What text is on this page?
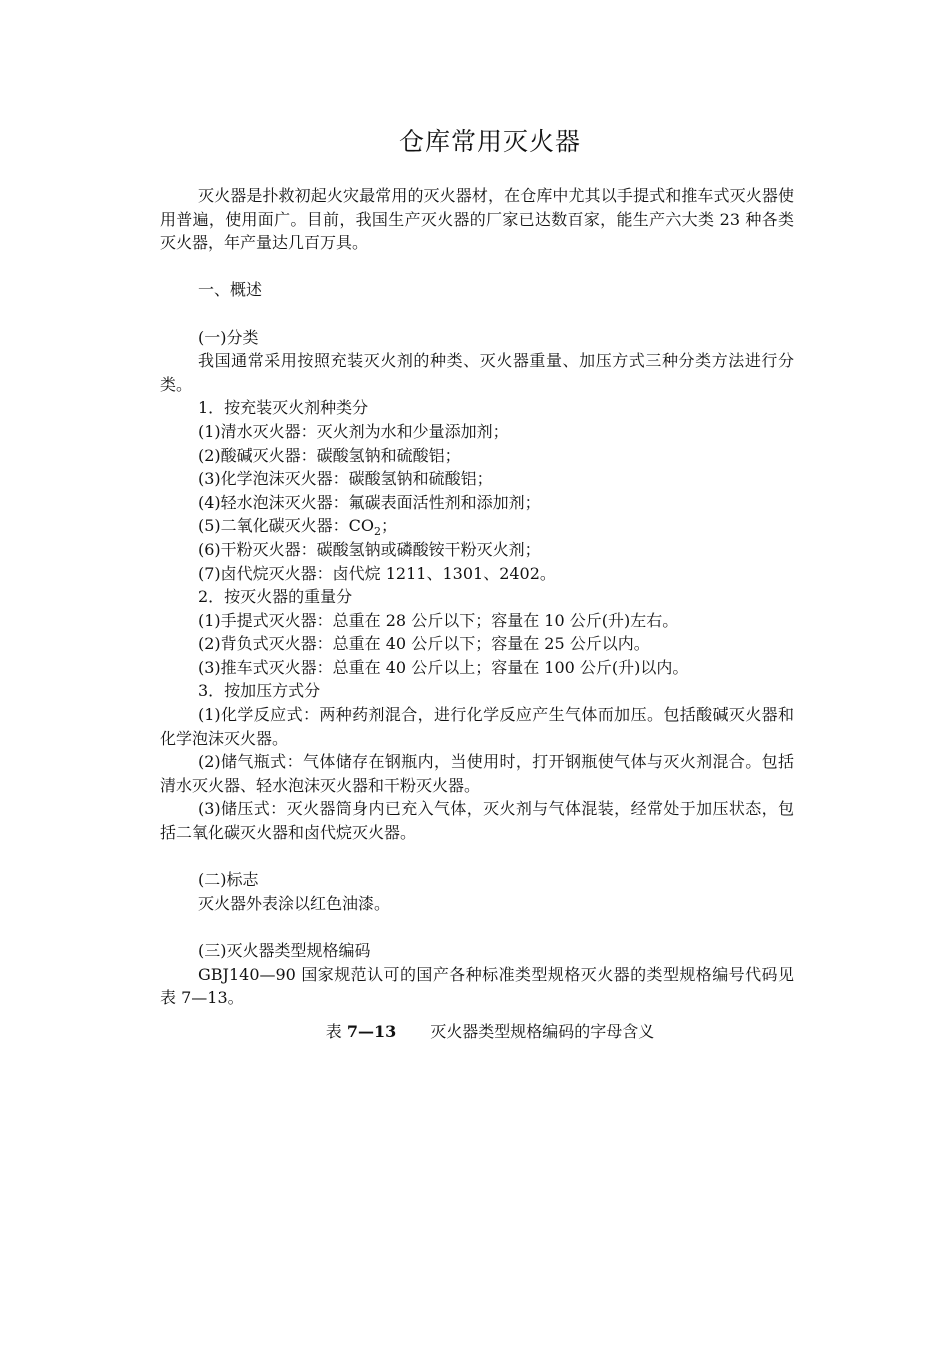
仓库常用灭火器

灭火器是扑救初起火灾最常用的灭火器材，在仓库中尤其以手提式和推车式灭火器使用普遍，使用面广。目前，我国生产灭火器的厂家已达数百家，能生产六大类 23 种各类灭火器，年产量达几百万具。

一、概述

(一)分类

我国通常采用按照充装灭火剂的种类、灭火器重量、加压方式三种分类方法进行分类。

1．按充装灭火剂种类分

(1)清水灭火器：灭火剂为水和少量添加剂；

(2)酸碱灭火器：碳酸氢钠和硫酸铝；

(3)化学泡沫灭火器：碳酸氢钠和硫酸铝；

(4)轻水泡沫灭火器：氟碳表面活性剂和添加剂；

(5)二氧化碳灭火器：$CO_2$；

(6)干粉灭火器：碳酸氢钠或磷酸铵干粉灭火剂；

(7)卤代烷灭火器：卤代烷 1211、1301、2402。

2．按灭火器的重量分

(1)手提式灭火器：总重在 28 公斤以下；容量在 10 公斤(升)左右。

(2)背负式灭火器：总重在 40 公斤以下；容量在 25 公斤以内。

(3)推车式灭火器：总重在 40 公斤以上；容量在 100 公斤(升)以内。

3．按加压方式分

(1)化学反应式：两种药剂混合，进行化学反应产生气体而加压。包括酸碱灭火器和化学泡沫灭火器。

(2)储气瓶式：气体储存在钢瓶内，当使用时，打开钢瓶使气体与灭火剂混合。包括清水灭火器、轻水泡沫灭火器和干粉灭火器。

(3)储压式：灭火器筒身内已充入气体，灭火剂与气体混装，经常处于加压状态，包括二氧化碳灭火器和卤代烷灭火器。

(二)标志

灭火器外表涂以红色油漆。

(三)灭火器类型规格编码

GBJ140—90 国家规范认可的国产各种标准类型规格灭火器的类型规格编号代码见表 7—13。

表 7—13 灭火器类型规格编码的字母含义
